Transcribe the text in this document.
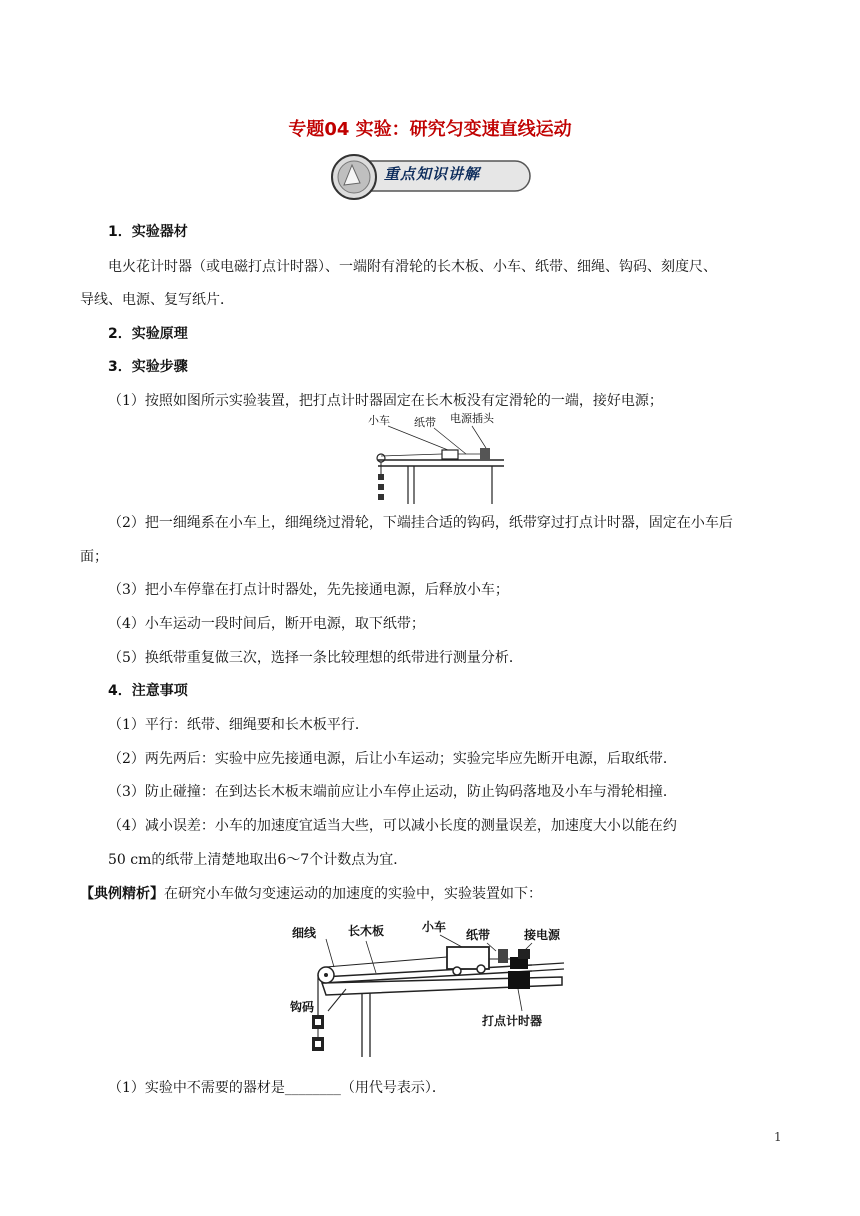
专题04 实验：研究匀变速直线运动
重点知识讲解
1．实验器材
电火花计时器（或电磁打点计时器）、一端附有滑轮的长木板、小车、纸带、细绳、钩码、刻度尺、
导线、电源、复写纸片．
2．实验原理
3．实验步骤
（1）按照如图所示实验装置，把打点计时器固定在长木板没有定滑轮的一端，接好电源；
小车 纸带 电源插头
（2）把一细绳系在小车上，细绳绕过滑轮，下端挂合适的钩码，纸带穿过打点计时器，固定在小车后
面；
（3）把小车停靠在打点计时器处，先先接通电源，后释放小车；
（4）小车运动一段时间后，断开电源，取下纸带；
（5）换纸带重复做三次，选择一条比较理想的纸带进行测量分析．
4．注意事项
（1）平行：纸带、细绳要和长木板平行．
（2）两先两后：实验中应先接通电源，后让小车运动；实验完毕应先断开电源，后取纸带．
（3）防止碰撞：在到达长木板末端前应让小车停止运动，防止钩码落地及小车与滑轮相撞．
（4）减小误差：小车的加速度宜适当大些，可以减小长度的测量误差，加速度大小以能在约
50 cm的纸带上清楚地取出6～7个计数点为宜．
【典例精析】在研究小车做匀变速运动的加速度的实验中，实验装置如下：
细线	长木板	小车
纸带	接电源
钩码
打点计时器
（1）实验中不需要的器材是________（用代号表示）．
1
